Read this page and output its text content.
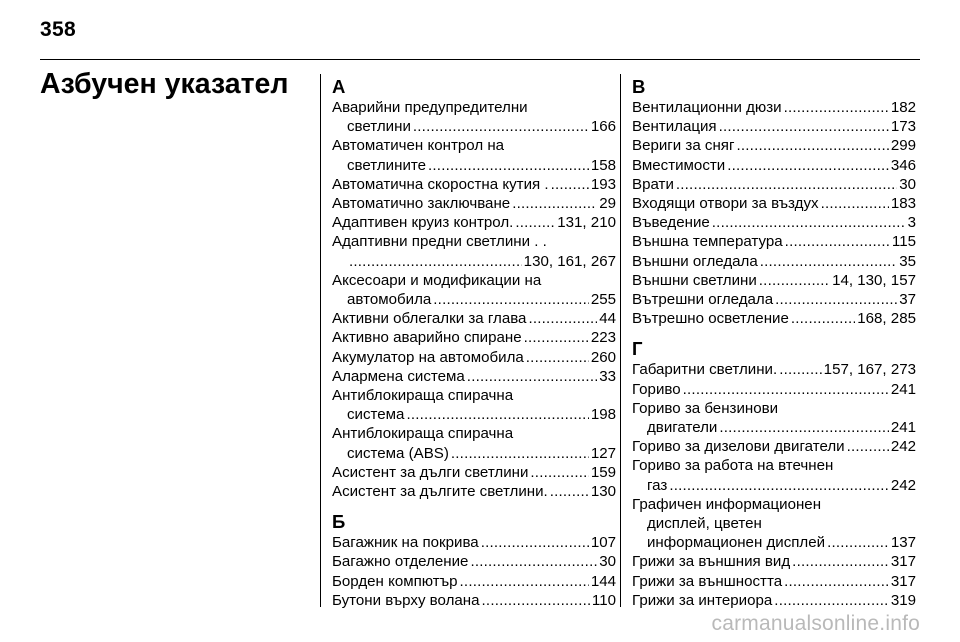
358
Азбучен указател А
Аварийни предупредителни
светлини .....	166
Автоматичен контрол на
светлините .....	158
Автоматична скоростна кутия . .....	193
Автоматично заключване .....	29
Адаптивен круиз контрол. .....	131, 210
Адаптивни предни светлини . .
.....
130, 161, 267
Аксесоари и модификации на
автомобила .....	255
Активни облегалки за глава .....	44
Активно аварийно спиране .....	223
Акумулатор на автомобила .....	260
Алармена система .....	33
Антиблокираща спирачна
система .....	198
Антиблокираща спирачна
система (ABS) .....	127
Асистент за дълги светлини .....	159
Асистент за дългите светлини. .....	130
Б
Багажник на покрива .....	107
Багажно отделение .....	30
Борден компютър .....	144
Бутони върху волана .....	110
В
Вентилационни дюзи .....	182
Вентилация .....	173
Вериги за сняг .....	299
Вместимости .....	346
Врати .....	30
Входящи отвори за въздух .....	183
Въведение .....	3
Външна температура .....	115
Външни огледала .....	35
Външни светлини .....	14, 130, 157
Вътрешни огледала .....	37
Вътрешно осветление .....	168, 285
Г
Габаритни светлини. .....	157, 167, 273
Гориво .....	241
Гориво за бензинови
двигатели .....	241
Гориво за дизелови двигатели .....	242
Гориво за работа на втечнен
газ .....	242
Графичен информационен
дисплей, цветен
информационен дисплей .....	137
Грижи за външния вид .....	317
Грижи за външността .....	317
Грижи за интериора .....	319
carmanualsonline.info
